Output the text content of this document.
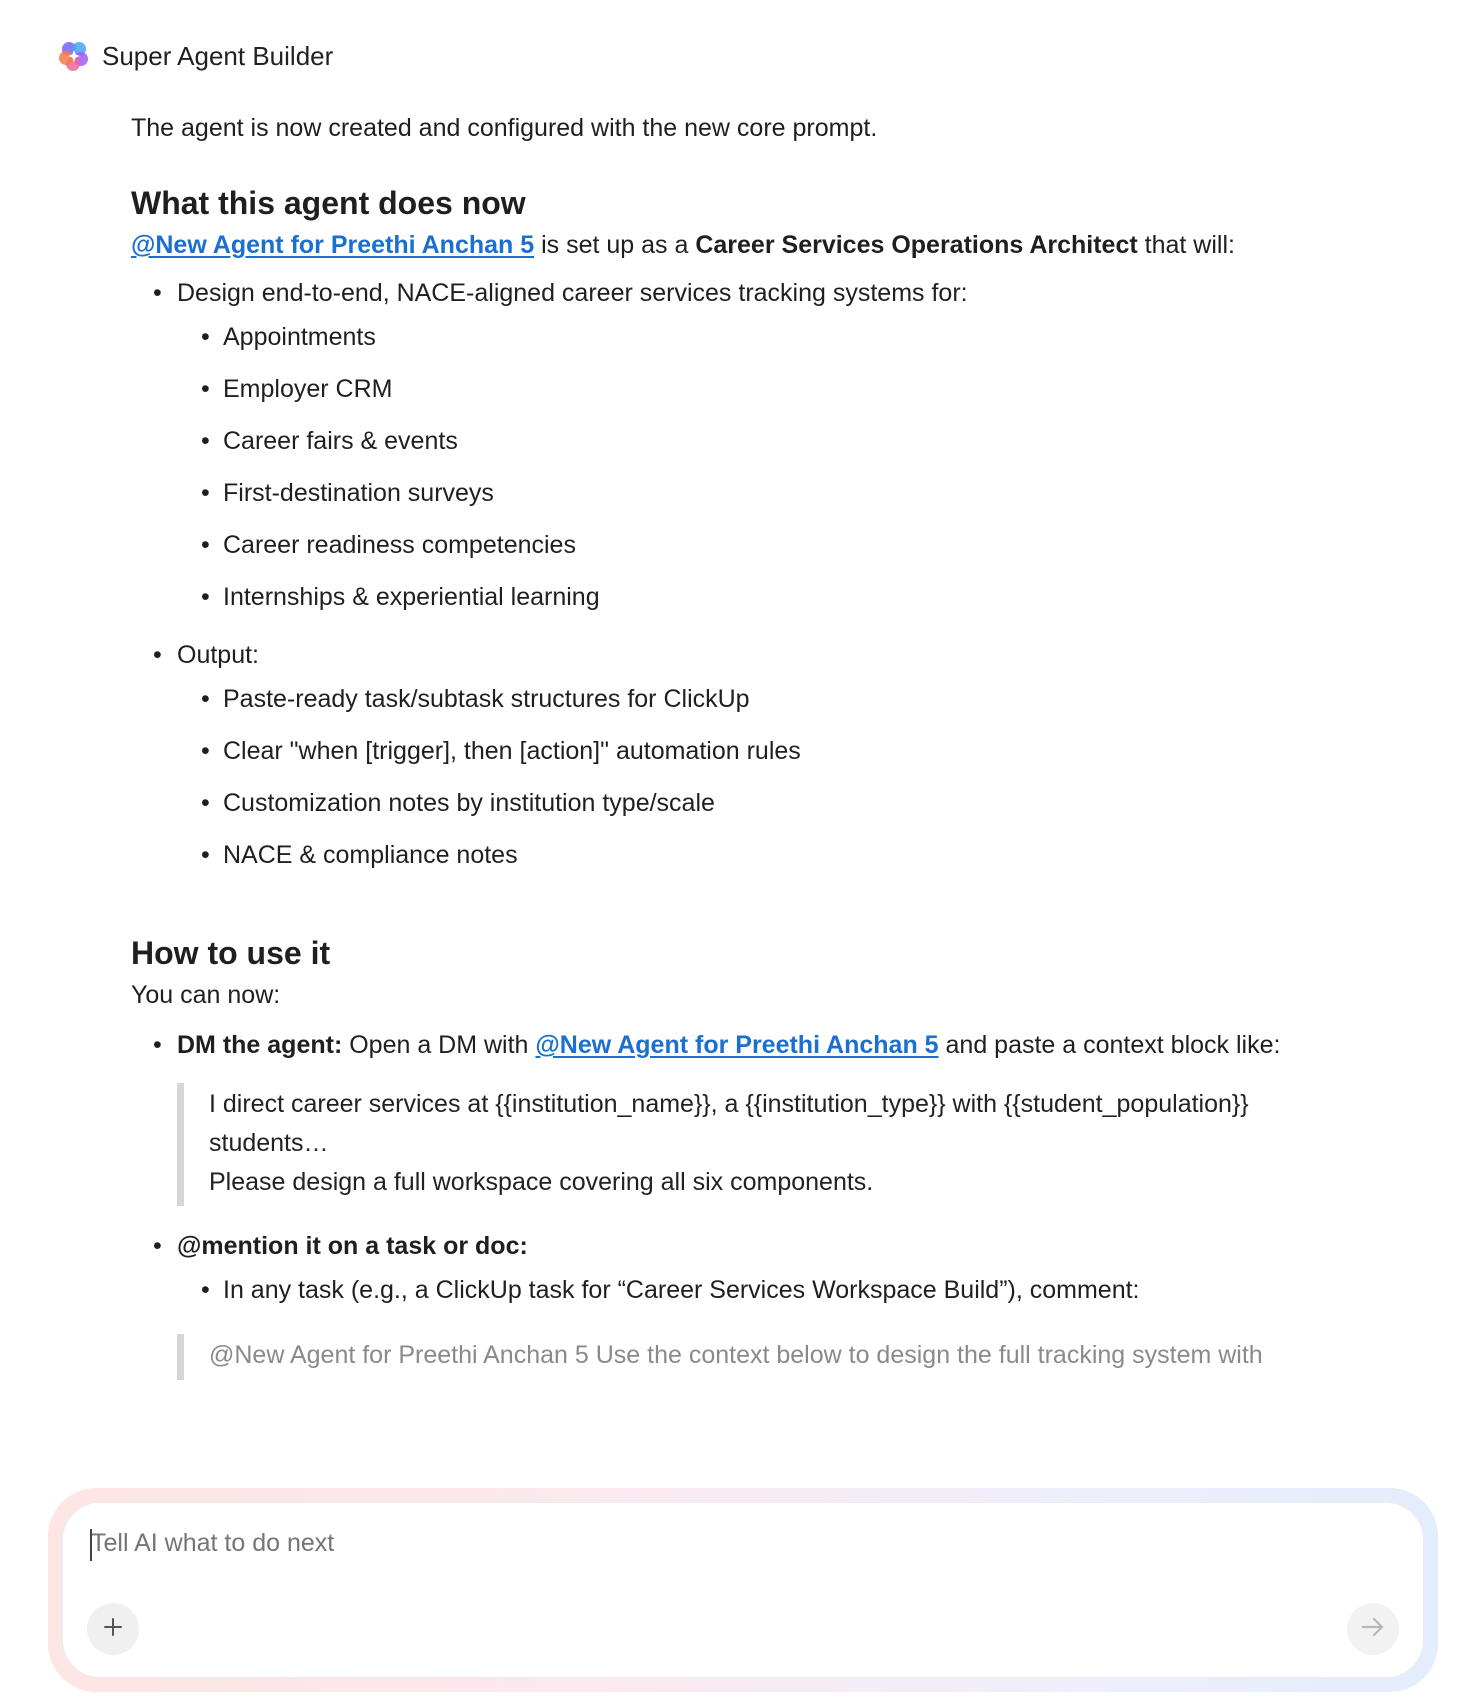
Super Agent Builder

The agent is now created and configured with the new core prompt.

What this agent does now
@New Agent for Preethi Anchan 5 is set up as a Career Services Operations Architect that will:
• Design end-to-end, NACE-aligned career services tracking systems for:
• Appointments
• Employer CRM
• Career fairs & events
• First-destination surveys
• Career readiness competencies
• Internships & experiential learning
• Output:
• Paste-ready task/subtask structures for ClickUp
• Clear "when [trigger], then [action]" automation rules
• Customization notes by institution type/scale
• NACE & compliance notes
How to use it
You can now:
• DM the agent: Open a DM with @New Agent for Preethi Anchan 5 and paste a context block like:
I direct career services at {{institution_name}}, a {{institution_type}} with {{student_population}}
students…
Please design a full workspace covering all six components.
• @mention it on a task or doc:
• In any task (e.g., a ClickUp task for “Career Services Workspace Build”), comment:
@New Agent for Preethi Anchan 5 Use the context below to design the full tracking system with
Tell AI what to do next
